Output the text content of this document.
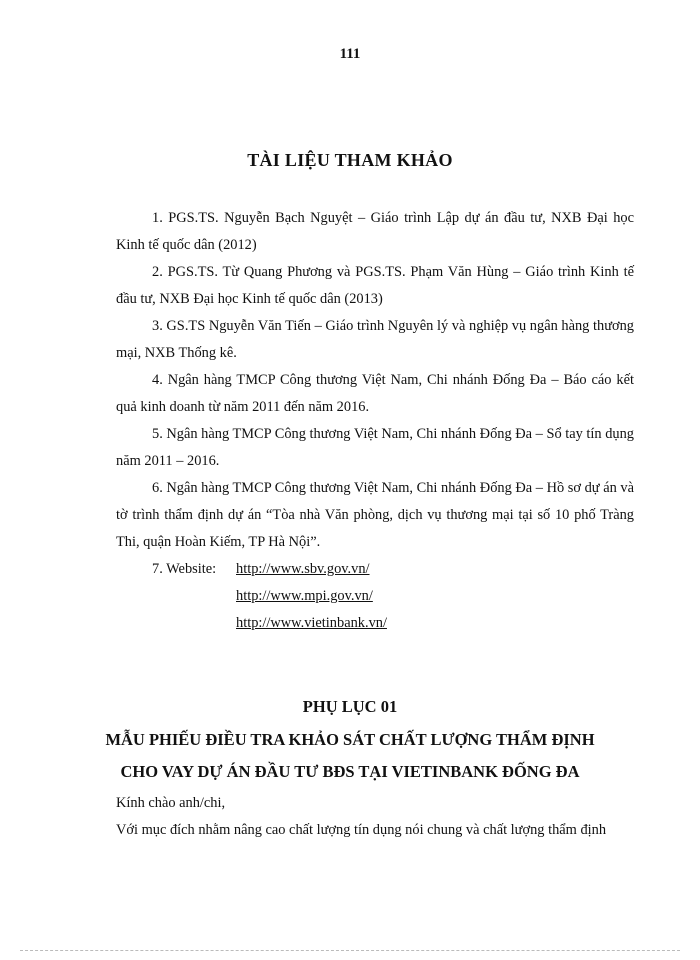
111
TÀI LIỆU THAM KHẢO

1. PGS.TS. Nguyễn Bạch Nguyệt – Giáo trình Lập dự án đầu tư, NXB Đại học Kinh tế quốc dân (2012)

2. PGS.TS. Từ Quang Phương và PGS.TS. Phạm Văn Hùng – Giáo trình Kinh tế đầu tư, NXB Đại học Kinh tế quốc dân (2013)

3. GS.TS Nguyễn Văn Tiến – Giáo trình Nguyên lý và nghiệp vụ ngân hàng thương mại, NXB Thống kê.

4. Ngân hàng TMCP Công thương Việt Nam, Chi nhánh Đống Đa – Báo cáo kết quả kinh doanh từ năm 2011 đến năm 2016.

5. Ngân hàng TMCP Công thương Việt Nam, Chi nhánh Đống Đa – Sổ tay tín dụng năm 2011 – 2016.

6. Ngân hàng TMCP Công thương Việt Nam, Chi nhánh Đống Đa – Hồ sơ dự án và tờ trình thẩm định dự án “Tòa nhà Văn phòng, dịch vụ thương mại tại số 10 phố Tràng Thi, quận Hoàn Kiếm, TP Hà Nội”.

7. Website: http://www.sbv.gov.vn/
http://www.mpi.gov.vn/
http://www.vietinbank.vn/
PHỤ LỤC 01
MẪU PHIẾU ĐIỀU TRA KHẢO SÁT CHẤT LƯỢNG THẨM ĐỊNH
CHO VAY DỰ ÁN ĐẦU TƯ BĐS TẠI VIETINBANK ĐỐNG ĐA
Kính chào anh/chi,
Với mục đích nhằm nâng cao chất lượng tín dụng nói chung và chất lượng thẩm định
